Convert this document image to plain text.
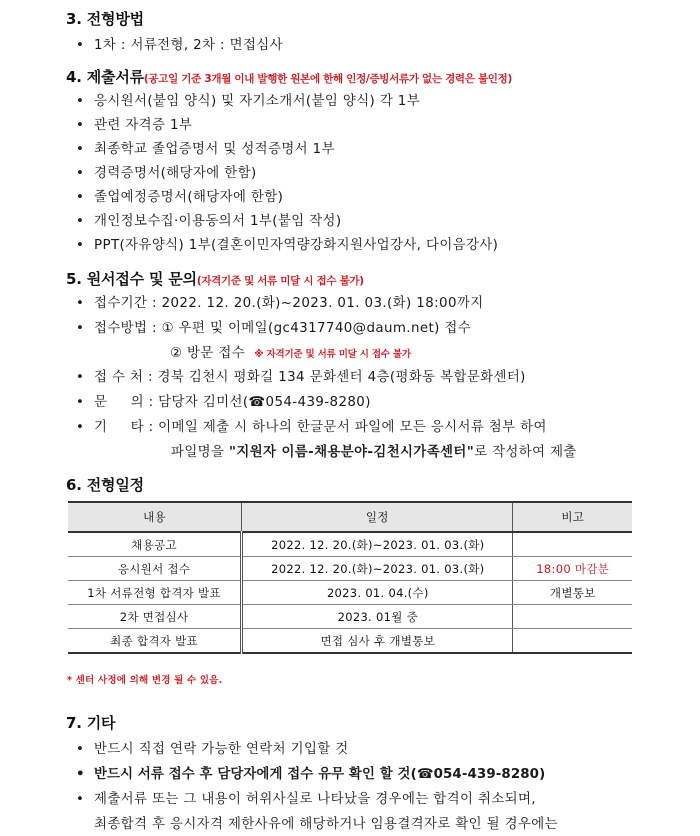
3. 전형방법
• 1차 : 서류전형, 2차 : 면접심사
4. 제출서류(공고일 기준 3개월 이내 발행한 원본에 한해 인정/증빙서류가 없는 경력은 불인정)
• 응시원서(붙임 양식) 및 자기소개서(붙임 양식) 각 1부
• 관련 자격증 1부
• 최종학교 졸업증명서 및 성적증명서 1부
• 경력증명서(해당자에 한함)
• 졸업예정증명서(해당자에 한함)
• 개인정보수집·이용동의서 1부(붙임 작성)
• PPT(자유양식) 1부(결혼이민자역량강화지원사업강사, 다이음강사)
5. 원서접수 및 문의(자격기준 및 서류 미달 시 접수 불가)
• 접수기간 : 2022. 12. 20.(화)~2023. 01. 03.(화) 18:00까지
• 접수방법 : ① 우편 및 이메일(gc4317740@daum.net) 접수
② 방문 접수 ※ 자격기준 및 서류 미달 시 접수 불가
• 접 수 처 : 경북 김천시 평화길 134 문화센터 4층(평화동 복합문화센터)
• 문     의 : 담당자 김미선(☎054-439-8280)
• 기     타 : 이메일 제출 시 하나의 한글문서 파일에 모든 응시서류 첨부 하여
파일명을 "지원자 이름-채용분야-김천시가족센터"로 작성하여 제출
6. 전형일정
내용	일정	비고
채용공고	2022. 12. 20.(화)~2023. 01. 03.(화)	
응시원서 접수	2022. 12. 20.(화)~2023. 01. 03.(화)	18:00 마감분
1차 서류전형 합격자 발표	2023. 01. 04.(수)	개별통보
2차 면접심사	2023. 01월 중	
최종 합격자 발표	면접 심사 후 개별통보	
* 센터 사정에 의해 변경 될 수 있음.
7. 기타
• 반드시 직접 연락 가능한 연락처 기입할 것
• 반드시 서류 접수 후 담당자에게 접수 유무 확인 할 것(☎054-439-8280)
• 제출서류 또는 그 내용이 허위사실로 나타났을 경우에는 합격이 취소되며,
최종합격 후 응시자격 제한사유에 해당하거나 임용결격자로 확인 될 경우에는
